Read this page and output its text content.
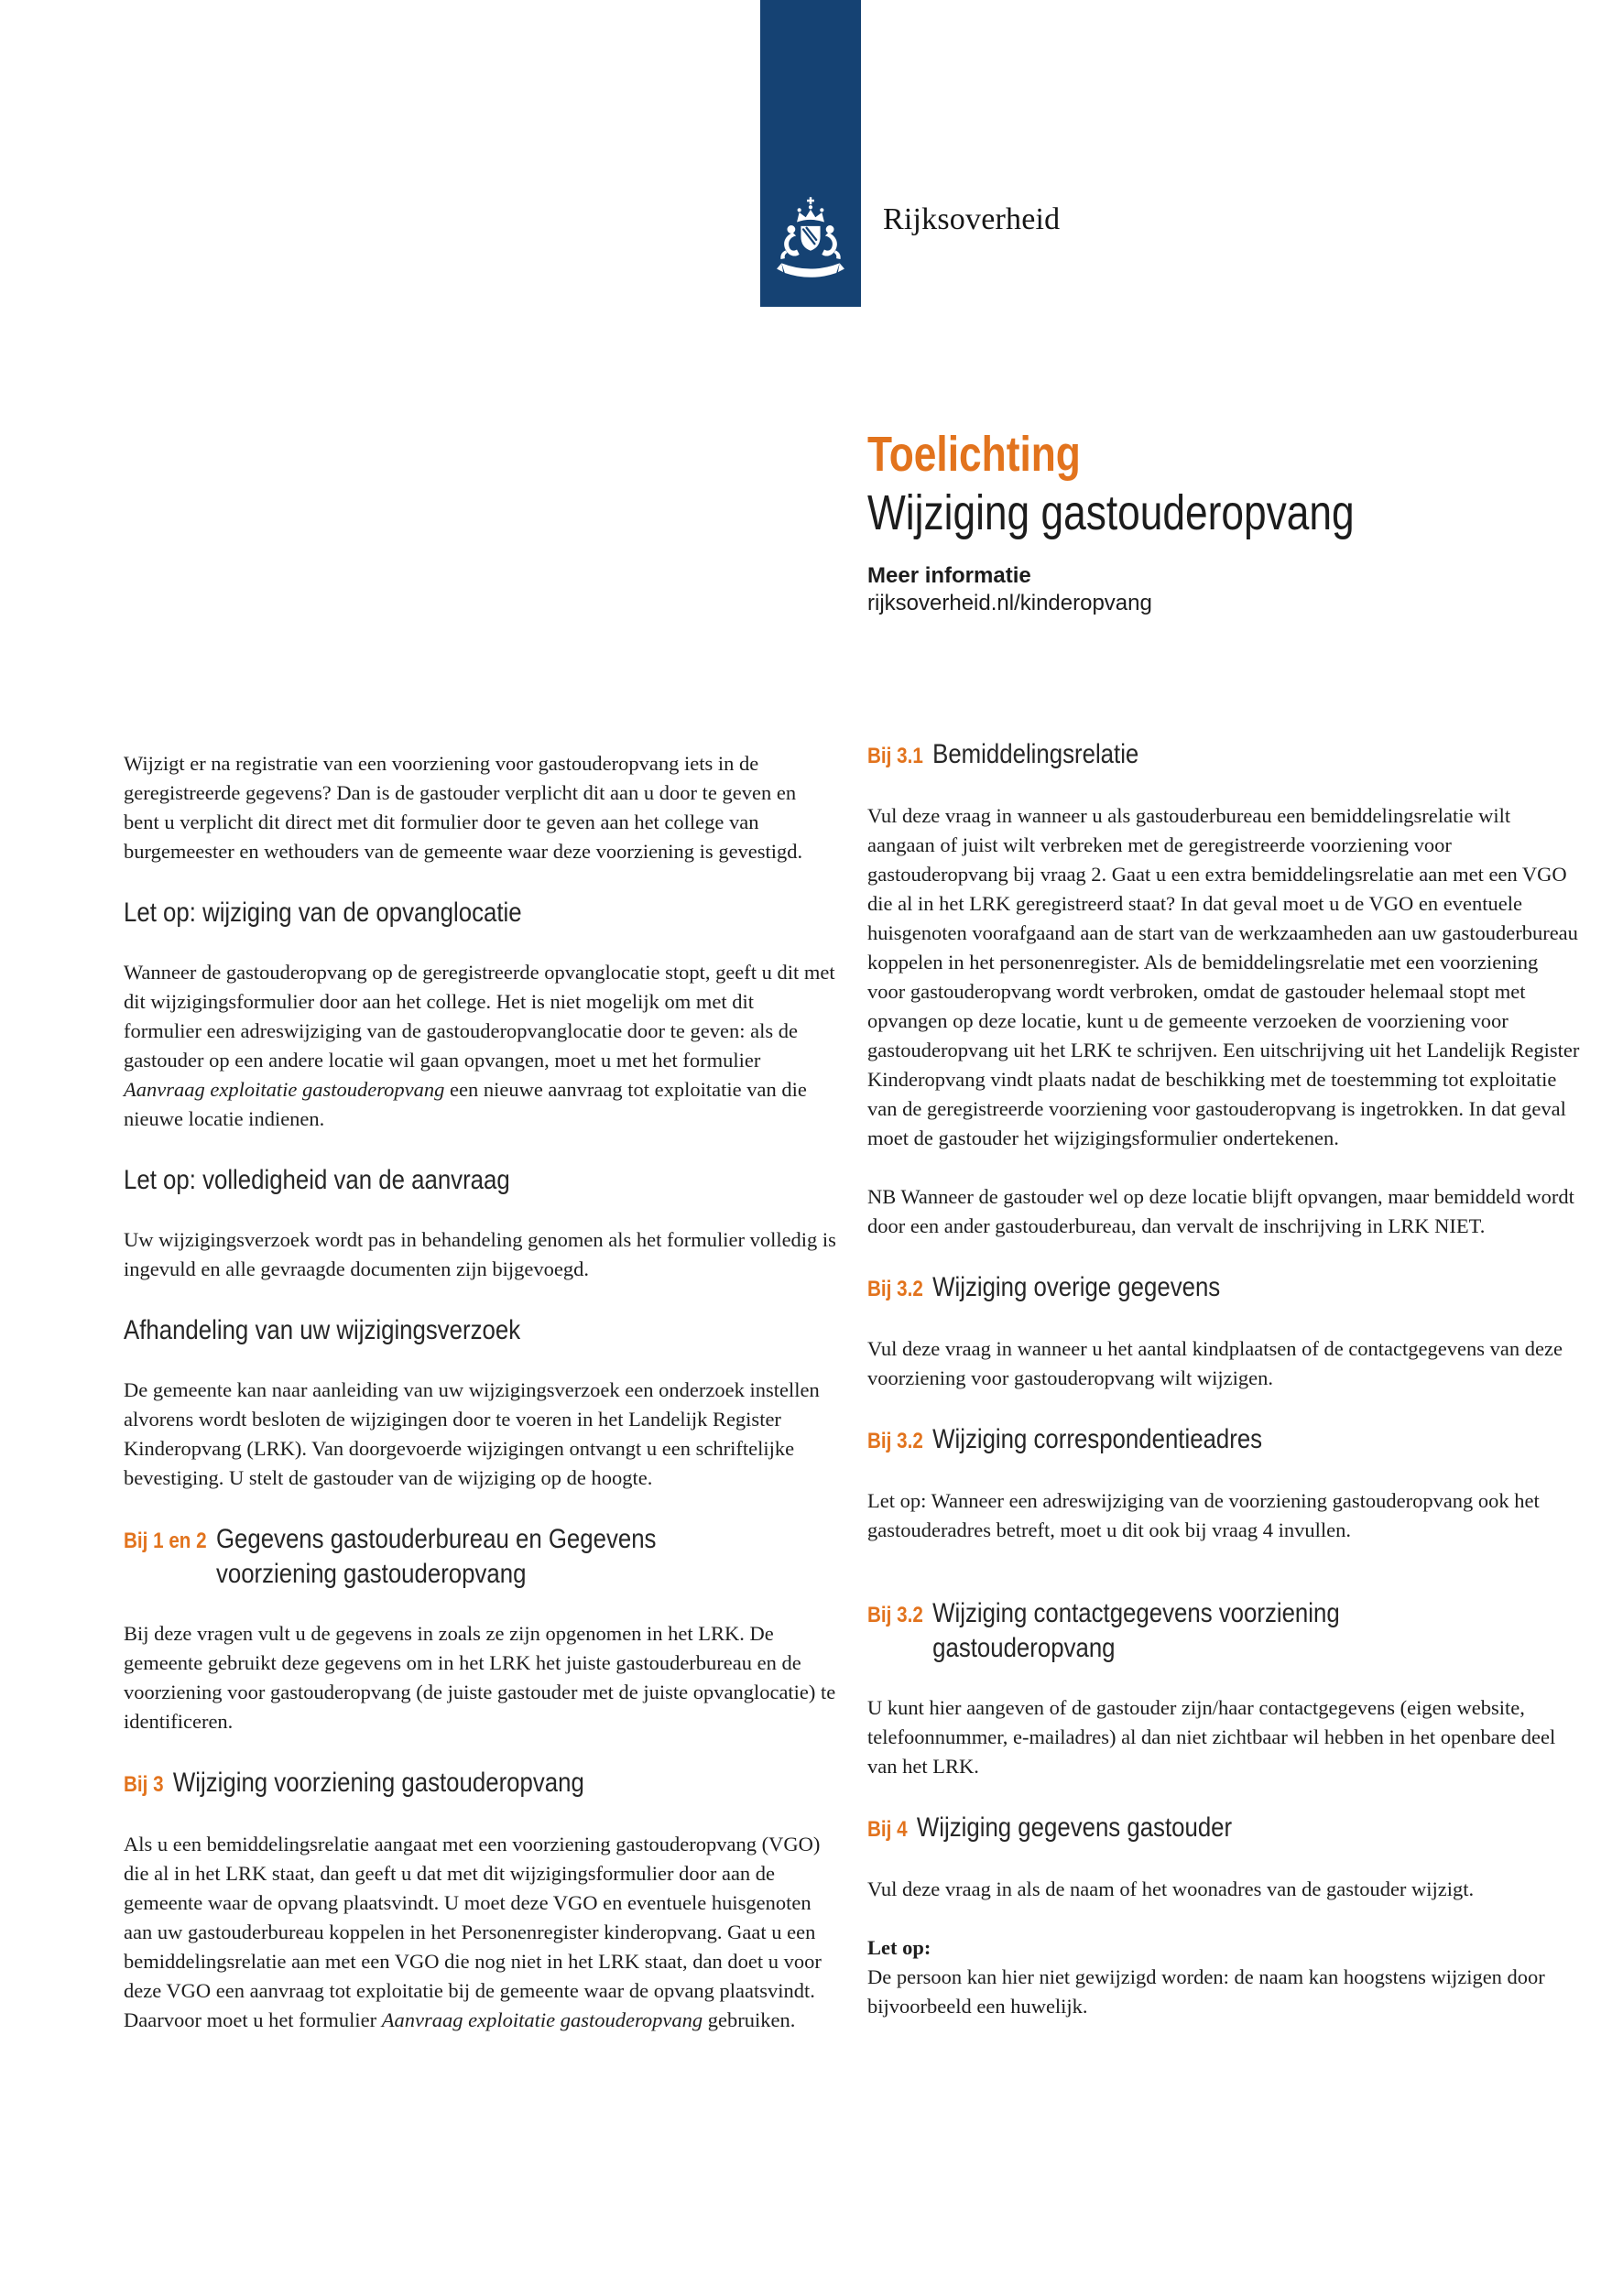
Rijksoverheid
Toelichting
Wijziging gastouderopvang
Meer informatie
rijksoverheid.nl/kinderopvang

Wijzigt er na registratie van een voorziening voor gastouderopvang iets in de geregistreerde gegevens? Dan is de gastouder verplicht dit aan u door te geven en bent u verplicht dit direct met dit formulier door te geven aan het college van burgemeester en wethouders van de gemeente waar deze voorziening is gevestigd.

Let op: wijziging van de opvanglocatie

Wanneer de gastouderopvang op de geregistreerde opvanglocatie stopt, geeft u dit met dit wijzigingsformulier door aan het college. Het is niet mogelijk om met dit formulier een adreswijziging van de gastouderopvanglocatie door te geven: als de gastouder op een andere locatie wil gaan opvangen, moet u met het formulier Aanvraag exploitatie gastouderopvang een nieuwe aanvraag tot exploitatie van die nieuwe locatie indienen.

Let op: volledigheid van de aanvraag

Uw wijzigingsverzoek wordt pas in behandeling genomen als het formulier volledig is ingevuld en alle gevraagde documenten zijn bijgevoegd.

Afhandeling van uw wijzigingsverzoek

De gemeente kan naar aanleiding van uw wijzigingsverzoek een onderzoek instellen alvorens wordt besloten de wijzigingen door te voeren in het Landelijk Register Kinderopvang (LRK). Van doorgevoerde wijzigingen ontvangt u een schriftelijke bevestiging. U stelt de gastouder van de wijziging op de hoogte.

Bij 1 en 2 Gegevens gastouderbureau en Gegevens voorziening gastouderopvang

Bij deze vragen vult u de gegevens in zoals ze zijn opgenomen in het LRK. De gemeente gebruikt deze gegevens om in het LRK het juiste gastouderbureau en de voorziening voor gastouderopvang (de juiste gastouder met de juiste opvanglocatie) te identificeren.

Bij 3 Wijziging voorziening gastouderopvang

Als u een bemiddelingsrelatie aangaat met een voorziening gastouderopvang (VGO) die al in het LRK staat, dan geeft u dat met dit wijzigingsformulier door aan de gemeente waar de opvang plaatsvindt. U moet deze VGO en eventuele huisgenoten aan uw gastouderbureau koppelen in het Personenregister kinderopvang. Gaat u een bemiddelingsrelatie aan met een VGO die nog niet in het LRK staat, dan doet u voor deze VGO een aanvraag tot exploitatie bij de gemeente waar de opvang plaatsvindt. Daarvoor moet u het formulier Aanvraag exploitatie gastouderopvang gebruiken.

Bij 3.1 Bemiddelingsrelatie

Vul deze vraag in wanneer u als gastouderbureau een bemiddelingsrelatie wilt aangaan of juist wilt verbreken met de geregistreerde voorziening voor gastouderopvang bij vraag 2. Gaat u een extra bemiddelingsrelatie aan met een VGO die al in het LRK geregistreerd staat? In dat geval moet u de VGO en eventuele huisgenoten voorafgaand aan de start van de werkzaamheden aan uw gastouderbureau koppelen in het personenregister. Als de bemiddelingsrelatie met een voorziening voor gastouderopvang wordt verbroken, omdat de gastouder helemaal stopt met opvangen op deze locatie, kunt u de gemeente verzoeken de voorziening voor gastouderopvang uit het LRK te schrijven. Een uitschrijving uit het Landelijk Register Kinderopvang vindt plaats nadat de beschikking met de toestemming tot exploitatie van de geregistreerde voorziening voor gastouderopvang is ingetrokken. In dat geval moet de gastouder het wijzigingsformulier ondertekenen.

NB Wanneer de gastouder wel op deze locatie blijft opvangen, maar bemiddeld wordt door een ander gastouderbureau, dan vervalt de inschrijving in LRK NIET.

Bij 3.2 Wijziging overige gegevens

Vul deze vraag in wanneer u het aantal kindplaatsen of de contactgegevens van deze voorziening voor gastouderopvang wilt wijzigen.

Bij 3.2 Wijziging correspondentieadres

Let op: Wanneer een adreswijziging van de voorziening gastouderopvang ook het gastouderadres betreft, moet u dit ook bij vraag 4 invullen.

Bij 3.2 Wijziging contactgegevens voorziening gastouderopvang

U kunt hier aangeven of de gastouder zijn/haar contactgegevens (eigen website, telefoonnummer, e-mailadres) al dan niet zichtbaar wil hebben in het openbare deel van het LRK.

Bij 4 Wijziging gegevens gastouder

Vul deze vraag in als de naam of het woonadres van de gastouder wijzigt.

Let op:
De persoon kan hier niet gewijzigd worden: de naam kan hoogstens wijzigen door bijvoorbeeld een huwelijk.
